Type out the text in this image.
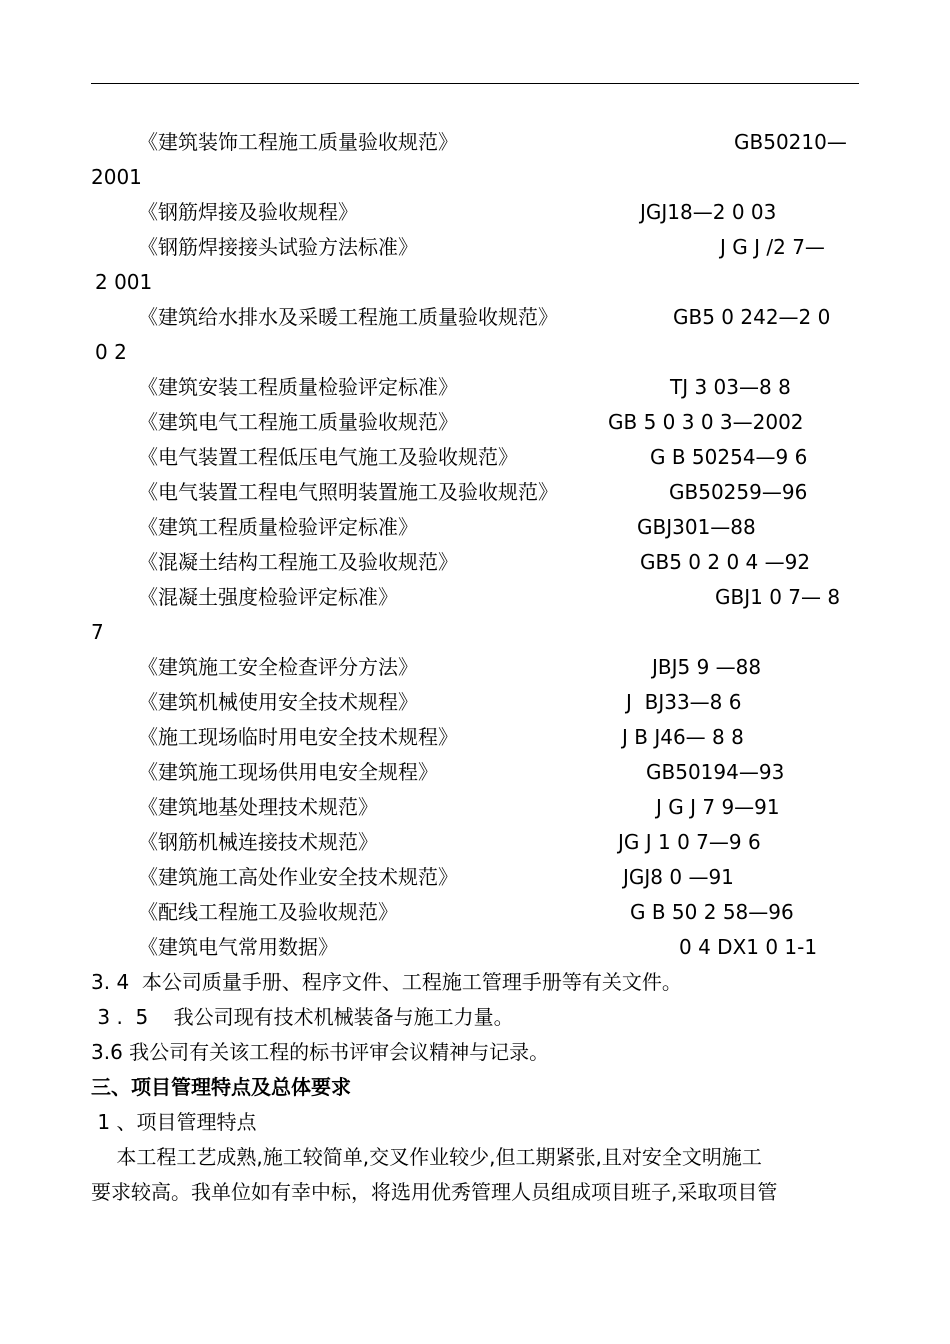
《建筑装饰工程施工质量验收规范》	GB50210—
2001
《钢筋焊接及验收规程》	JGJ18—2 0 03
《钢筋焊接接头试验方法标准》	J G J /2 7—
2 001
《建筑给水排水及采暖工程施工质量验收规范》	GB5 0 242—2 0
0 2
《建筑安装工程质量检验评定标准》	TJ 3 03—8 8
《建筑电气工程施工质量验收规范》	GB 5 0 3 0 3—2002
《电气装置工程低压电气施工及验收规范》	G B 50254—9 6
《电气装置工程电气照明装置施工及验收规范》	GB50259—96
《建筑工程质量检验评定标准》	GBJ301—88
《混凝土结构工程施工及验收规范》	GB5 0 2 0 4 —92
《混凝土强度检验评定标准》	GBJ1 0 7— 8
7
《建筑施工安全检查评分方法》	JBJ5 9 —88
《建筑机械使用安全技术规程》	J  BJ33—8 6
《施工现场临时用电安全技术规程》	J B J46— 8 8
《建筑施工现场供用电安全规程》	GB50194—93
《建筑地基处理技术规范》	J G J 7 9—91
《钢筋机械连接技术规范》	JG J 1 0 7—9 6
《建筑施工高处作业安全技术规范》	JGJ8 0 —91
《配线工程施工及验收规范》	G B 50 2 58—96
《建筑电气常用数据》	0 4 DX1 0 1-1
3. 4  本公司质量手册、程序文件、工程施工管理手册等有关文件。
3 .  5    我公司现有技术机械装备与施工力量。
3.6 我公司有关该工程的标书评审会议精神与记录。
三、项目管理特点及总体要求
1 、项目管理特点
本工程工艺成熟,施工较简单,交叉作业较少,但工期紧张,且对安全文明施工
要求较高。我单位如有幸中标，将选用优秀管理人员组成项目班子,采取项目管
